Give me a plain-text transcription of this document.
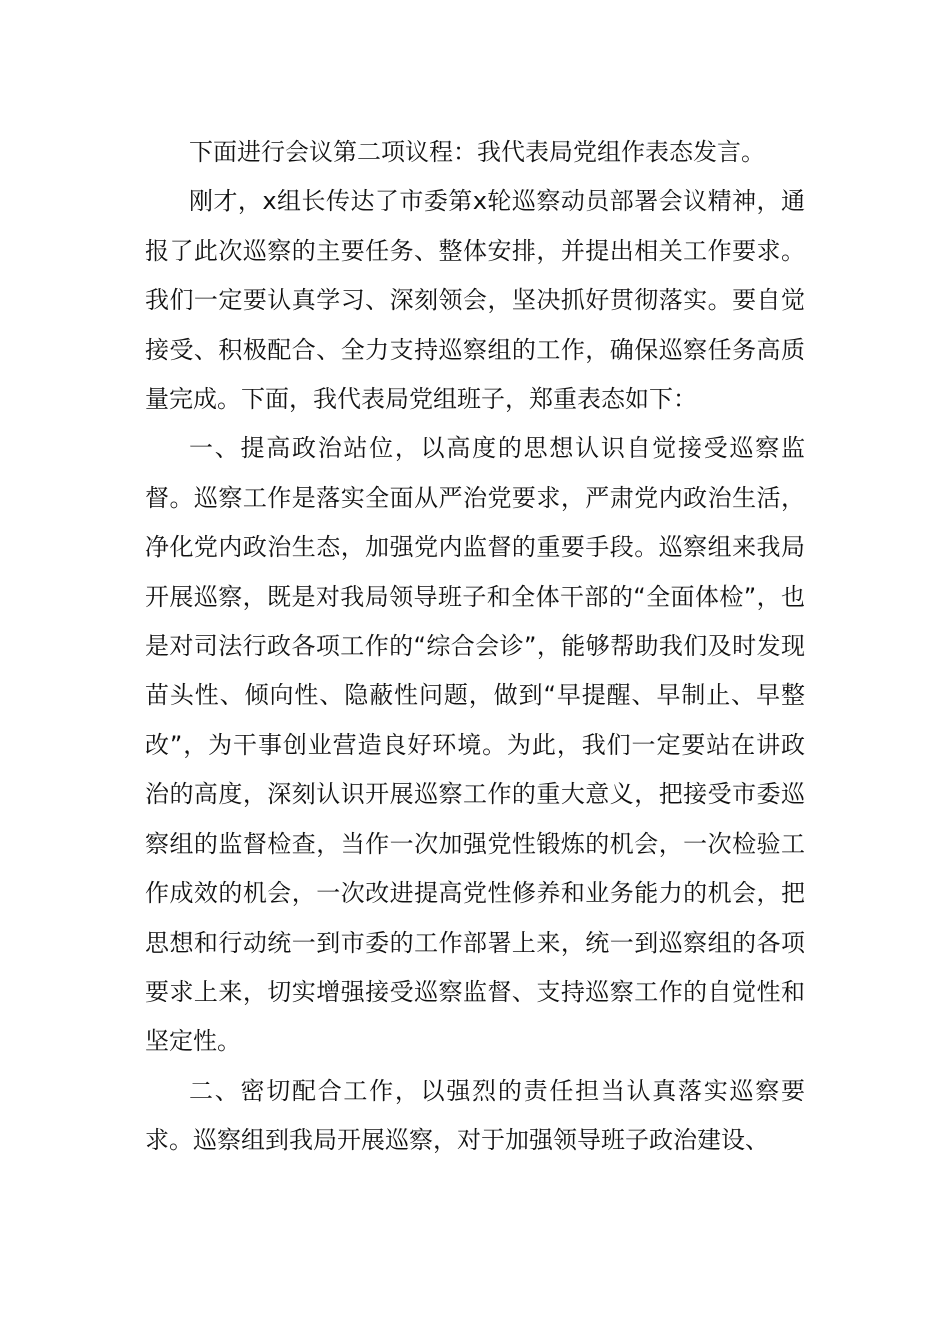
下面进行会议第二项议程：我代表局党组作表态发言。

刚才，x组长传达了市委第x轮巡察动员部署会议精神，通报了此次巡察的主要任务、整体安排，并提出相关工作要求。我们一定要认真学习、深刻领会，坚决抓好贯彻落实。要自觉接受、积极配合、全力支持巡察组的工作，确保巡察任务高质量完成。下面，我代表局党组班子，郑重表态如下：

一、提高政治站位，以高度的思想认识自觉接受巡察监督。巡察工作是落实全面从严治党要求，严肃党内政治生活，净化党内政治生态，加强党内监督的重要手段。巡察组来我局开展巡察，既是对我局领导班子和全体干部的“全面体检”，也是对司法行政各项工作的“综合会诊”，能够帮助我们及时发现苗头性、倾向性、隐蔽性问题，做到“早提醒、早制止、早整改”，为干事创业营造良好环境。为此，我们一定要站在讲政治的高度，深刻认识开展巡察工作的重大意义，把接受市委巡察组的监督检查，当作一次加强党性锻炼的机会，一次检验工作成效的机会，一次改进提高党性修养和业务能力的机会，把思想和行动统一到市委的工作部署上来，统一到巡察组的各项要求上来，切实增强接受巡察监督、支持巡察工作的自觉性和坚定性。

二、密切配合工作，以强烈的责任担当认真落实巡察要求。巡察组到我局开展巡察，对于加强领导班子政治建设、
